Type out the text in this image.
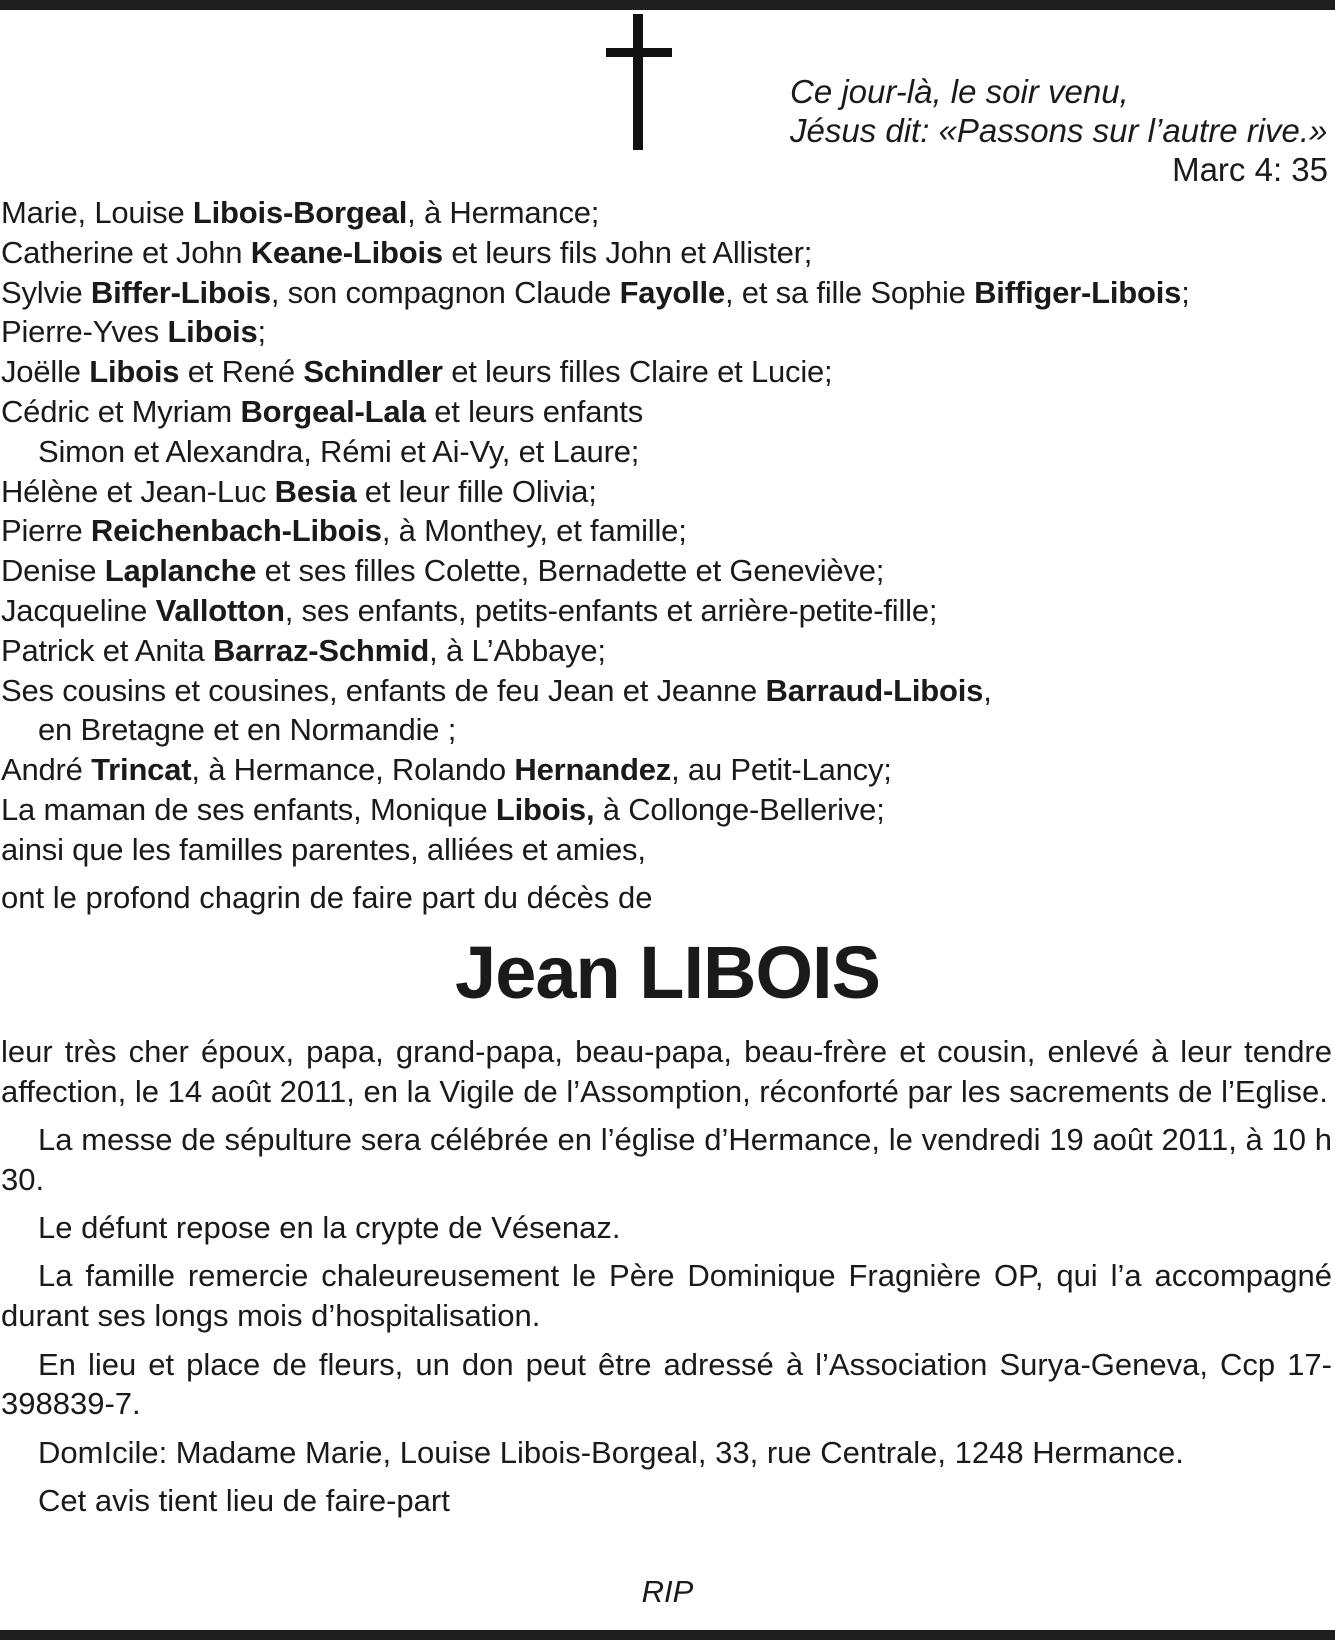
Ce jour-là, le soir venu,
Jésus dit: «Passons sur l’autre rive.»
Marc 4: 35
Marie, Louise Libois-Borgeal, à Hermance;
Catherine et John Keane-Libois et leurs fils John et Allister;
Sylvie Biffer-Libois, son compagnon Claude Fayolle, et sa fille Sophie Biffiger-Libois;
Pierre-Yves Libois;
Joëlle Libois et René Schindler et leurs filles Claire et Lucie;
Cédric et Myriam Borgeal-Lala et leurs enfants
Simon et Alexandra, Rémi et Ai-Vy, et Laure;
Hélène et Jean-Luc Besia et leur fille Olivia;
Pierre Reichenbach-Libois, à Monthey, et famille;
Denise Laplanche et ses filles Colette, Bernadette et Geneviève;
Jacqueline Vallotton, ses enfants, petits-enfants et arrière-petite-fille;
Patrick et Anita Barraz-Schmid, à L’Abbaye;
Ses cousins et cousines, enfants de feu Jean et Jeanne Barraud-Libois,
en Bretagne et en Normandie ;
André Trincat, à Hermance, Rolando Hernandez, au Petit-Lancy;
La maman de ses enfants, Monique Libois, à Collonge-Bellerive;
ainsi que les familles parentes, alliées et amies,
ont le profond chagrin de faire part du décès de
Jean LIBOIS

leur très cher époux, papa, grand-papa, beau-papa, beau-frère et cousin, enlevé à leur tendre affection, le 14 août 2011, en la Vigile de l’Assomption, réconforté par les sacrements de l’Eglise.

La messe de sépulture sera célébrée en l’église d’Hermance, le vendredi 19 août 2011, à 10 h 30.

Le défunt repose en la crypte de Vésenaz.

La famille remercie chaleureusement le Père Dominique Fragnière OP, qui l’a accompagné durant ses longs mois d’hospitalisation.

En lieu et place de fleurs, un don peut être adressé à l’Association Surya-Geneva, Ccp 17-398839-7.

DomIcile: Madame Marie, Louise Libois-Borgeal, 33, rue Centrale, 1248 Hermance.

Cet avis tient lieu de faire-part

RIP
